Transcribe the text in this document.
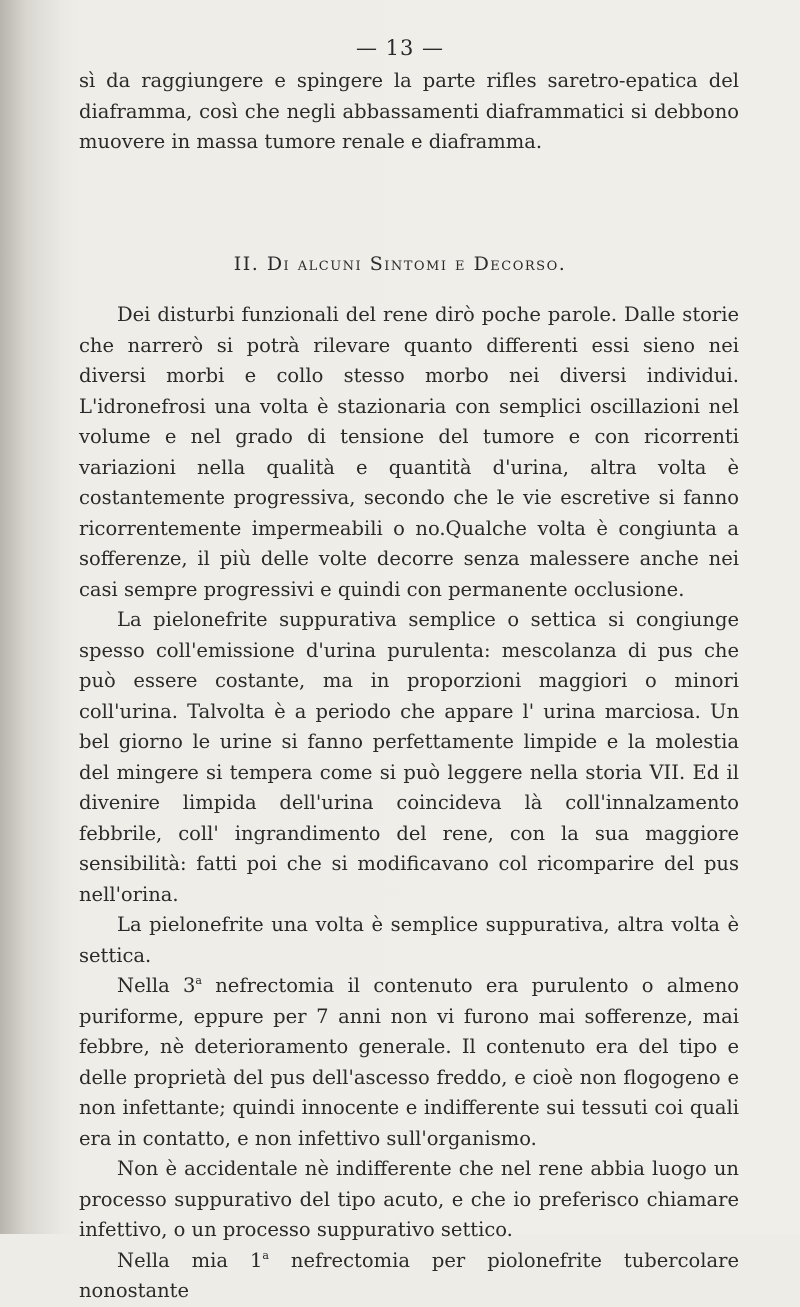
— 13 —

sì da raggiungere e spingere la parte rifles saretro-epatica del diaframma, così che negli abbassamenti diaframmatici si debbono muovere in massa tumore renale e diaframma.

II. Di alcuni Sintomi e Decorso.

Dei disturbi funzionali del rene dirò poche parole. Dalle storie che narrerò si potrà rilevare quanto differenti essi sieno nei diversi morbi e collo stesso morbo nei diversi individui. L'idronefrosi una volta è stazionaria con semplici oscillazioni nel volume e nel grado di tensione del tumore e con ricorrenti variazioni nella qualità e quantità d'urina, altra volta è costantemente progressiva, secondo che le vie escretive si fanno ricorrentemente impermeabili o no.Qualche volta è congiunta a sofferenze, il più delle volte decorre senza malessere anche nei casi sempre progressivi e quindi con permanente occlusione.

La pielonefrite suppurativa semplice o settica si congiunge spesso coll'emissione d'urina purulenta: mescolanza di pus che può essere costante, ma in proporzioni maggiori o minori coll'urina. Talvolta è a periodo che appare l' urina marciosa. Un bel giorno le urine si fanno perfettamente limpide e la molestia del mingere si tempera come si può leggere nella storia VII. Ed il divenire limpida dell'urina coincideva là coll'innalzamento febbrile, coll' ingrandimento del rene, con la sua maggiore sensibilità: fatti poi che si modificavano col ricomparire del pus nell'orina.

La pielonefrite una volta è semplice suppurativa, altra volta è settica.

Nella 3$^a$ nefrectomia il contenuto era purulento o almeno puriforme, eppure per 7 anni non vi furono mai sofferenze, mai febbre, nè deterioramento generale. Il contenuto era del tipo e delle proprietà del pus dell'ascesso freddo, e cioè non flogogeno e non infettante; quindi innocente e indifferente sui tessuti coi quali era in contatto, e non infettivo sull'organismo.

Non è accidentale nè indifferente che nel rene abbia luogo un processo suppurativo del tipo acuto, e che io preferisco chiamare infettivo, o un processo suppurativo settico.

Nella mia 1$^a$ nefrectomia per piolonefrite tubercolare nonostante
